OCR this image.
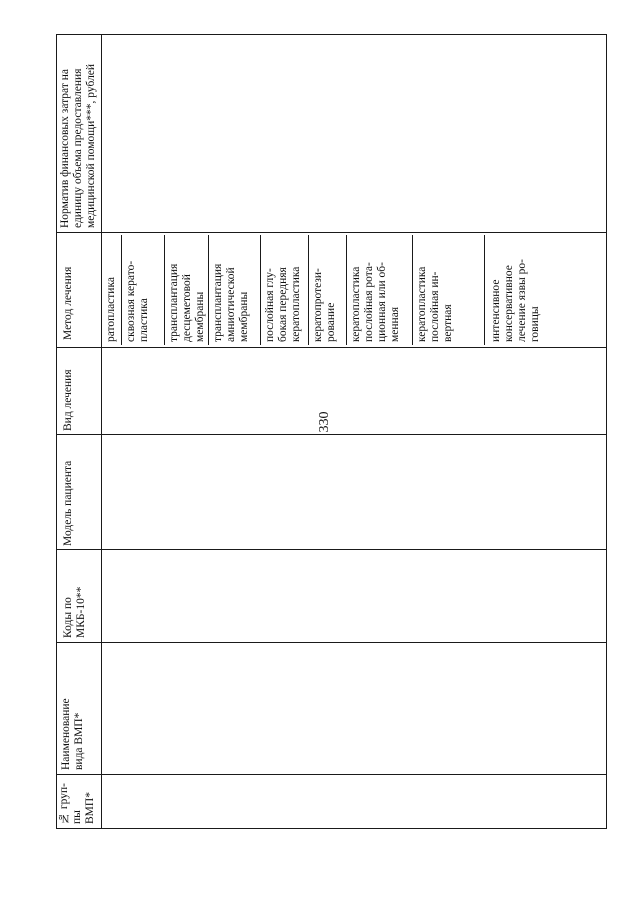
330
Норматив финансовых затрат на
единицу объема предоставления
медицинской помощи***, рублей
Метод лечения
Вид лечения
Модель пациента
Коды по
МКБ-10**
Наименование
вида ВМП*
№ груп-
пы
ВМП*
ратопластика сквозная керато-
пластика трансплантация
десцеметовой
мембраны трансплантация
амниотической
мембраны послойная глу-
бокая передняя
кератопластика кератопротези-
рование кератопластика
послойная рота-
ционная или об-
менная кератопластика
послойная ин-
вертная	интенсивное
консервативное
лечение язвы ро-
говицы
